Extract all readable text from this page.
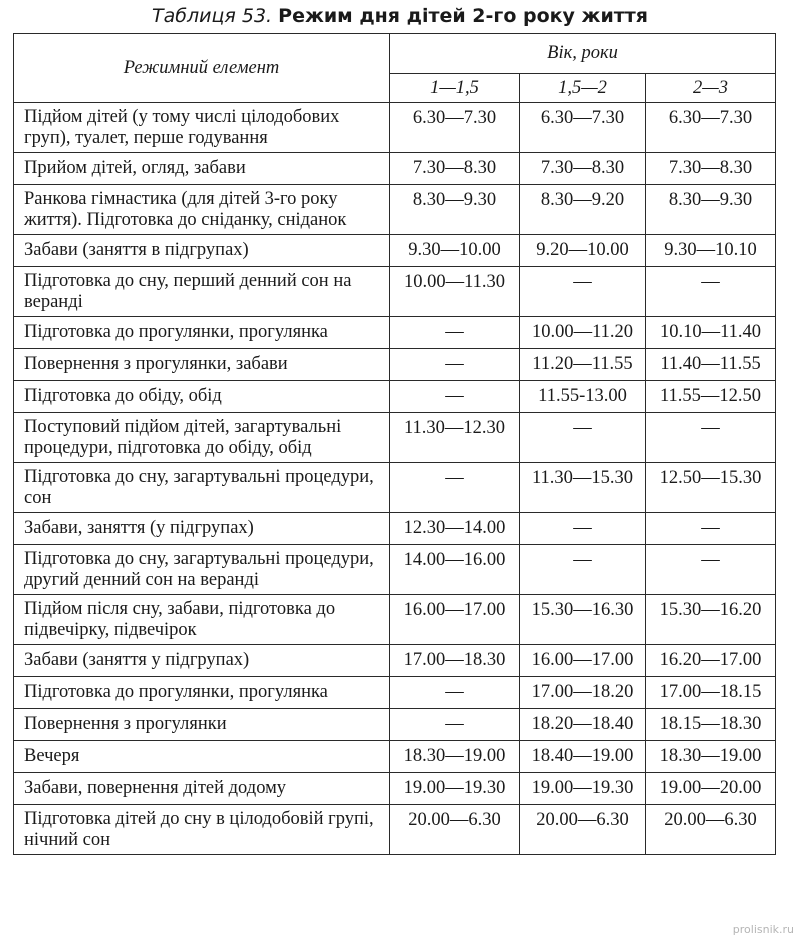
Таблиця 53. Режим дня дітей 2-го року життя
Режимний елемент	Вік, роки		
	1—1,5	1,5—2	2—3
Підйом дітей (у тому числі цілодобових груп), туалет, перше годування	6.30—7.30	6.30—7.30	6.30—7.30
Прийом дітей, огляд, забави	7.30—8.30	7.30—8.30	7.30—8.30
Ранкова гімнастика (для дітей 3-го року життя). Підготовка до сніданку, сніданок	8.30—9.30	8.30—9.20	8.30—9.30
Забави (заняття в підгрупах)	9.30—10.00	9.20—10.00	9.30—10.10
Підготовка до сну, перший денний сон на веранді	10.00—11.30	—	—
Підготовка до прогулянки, прогулянка	—	10.00—11.20	10.10—11.40
Повернення з прогулянки, забави	—	11.20—11.55	11.40—11.55
Підготовка до обіду, обід	—	11.55-13.00	11.55—12.50
Поступовий підйом дітей, загартувальні процедури, підготовка до обіду, обід	11.30—12.30	—	—
Підготовка до сну, загартувальні процедури, сон	—	11.30—15.30	12.50—15.30
Забави, заняття (у підгрупах)	12.30—14.00	—	—
Підготовка до сну, загартувальні процедури, другий денний сон на веранді	14.00—16.00	—	—
Підйом після сну, забави, підготовка до підвечірку, підвечірок	16.00—17.00	15.30—16.30	15.30—16.20
Забави (заняття у підгрупах)	17.00—18.30	16.00—17.00	16.20—17.00
Підготовка до прогулянки, прогулянка	—	17.00—18.20	17.00—18.15
Повернення з прогулянки	—	18.20—18.40	18.15—18.30
Вечеря	18.30—19.00	18.40—19.00	18.30—19.00
Забави, повернення дітей додому	19.00—19.30	19.00—19.30	19.00—20.00
Підготовка дітей до сну в цілодобовій групі, нічний сон	20.00—6.30	20.00—6.30	20.00—6.30
prolisnik.ru
